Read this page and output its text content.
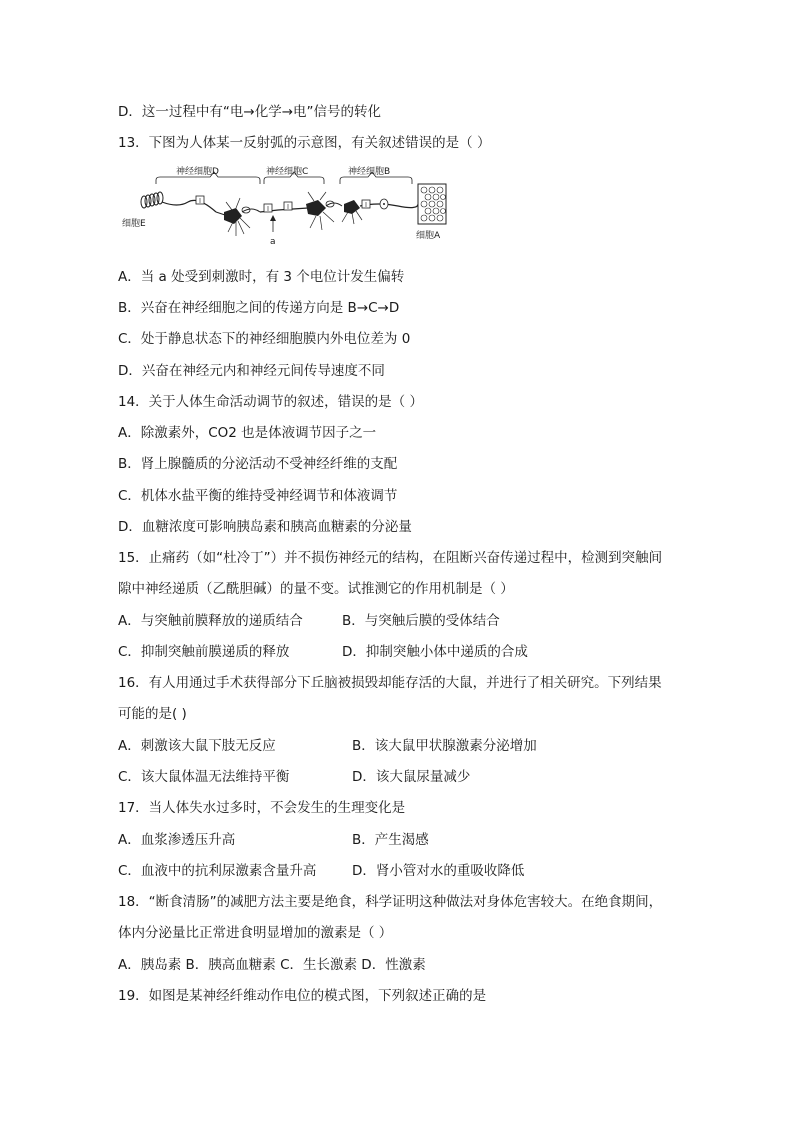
D．这一过程中有“电→化学→电”信号的转化
13．下图为人体某一反射弧的示意图，有关叙述错误的是（ ）
神经细胞D	神经细胞C	神经细胞B
细胞E
a
细胞A
A．当 a 处受到刺激时，有 3 个电位计发生偏转
B．兴奋在神经细胞之间的传递方向是 B→C→D
C．处于静息状态下的神经细胞膜内外电位差为 0
D．兴奋在神经元内和神经元间传导速度不同
14．关于人体生命活动调节的叙述，错误的是（ ）
A．除激素外，CO2 也是体液调节因子之一
B．肾上腺髓质的分泌活动不受神经纤维的支配
C．机体水盐平衡的维持受神经调节和体液调节
D．血糖浓度可影响胰岛素和胰高血糖素的分泌量
15．止痛药（如“杜冷丁”）并不损伤神经元的结构，在阻断兴奋传递过程中，检测到突触间
隙中神经递质（乙酰胆碱）的量不变。试推测它的作用机制是（ ）
A．与突触前膜释放的递质结合	B．与突触后膜的受体结合
C．抑制突触前膜递质的释放	D．抑制突触小体中递质的合成
16．有人用通过手术获得部分下丘脑被损毁却能存活的大鼠，并进行了相关研究。下列结果
可能的是( )
A．刺激该大鼠下肢无反应	B．该大鼠甲状腺激素分泌增加
C．该大鼠体温无法维持平衡	D．该大鼠尿量减少
17．当人体失水过多时，不会发生的生理变化是
A．血浆渗透压升高	B．产生渴感
C．血液中的抗利尿激素含量升高	D．肾小管对水的重吸收降低
18．“断食清肠”的减肥方法主要是绝食，科学证明这种做法对身体危害较大。在绝食期间，
体内分泌量比正常进食明显增加的激素是（ ）
A．胰岛素 B．胰高血糖素 C．生长激素 D．性激素
19．如图是某神经纤维动作电位的模式图，下列叙述正确的是
